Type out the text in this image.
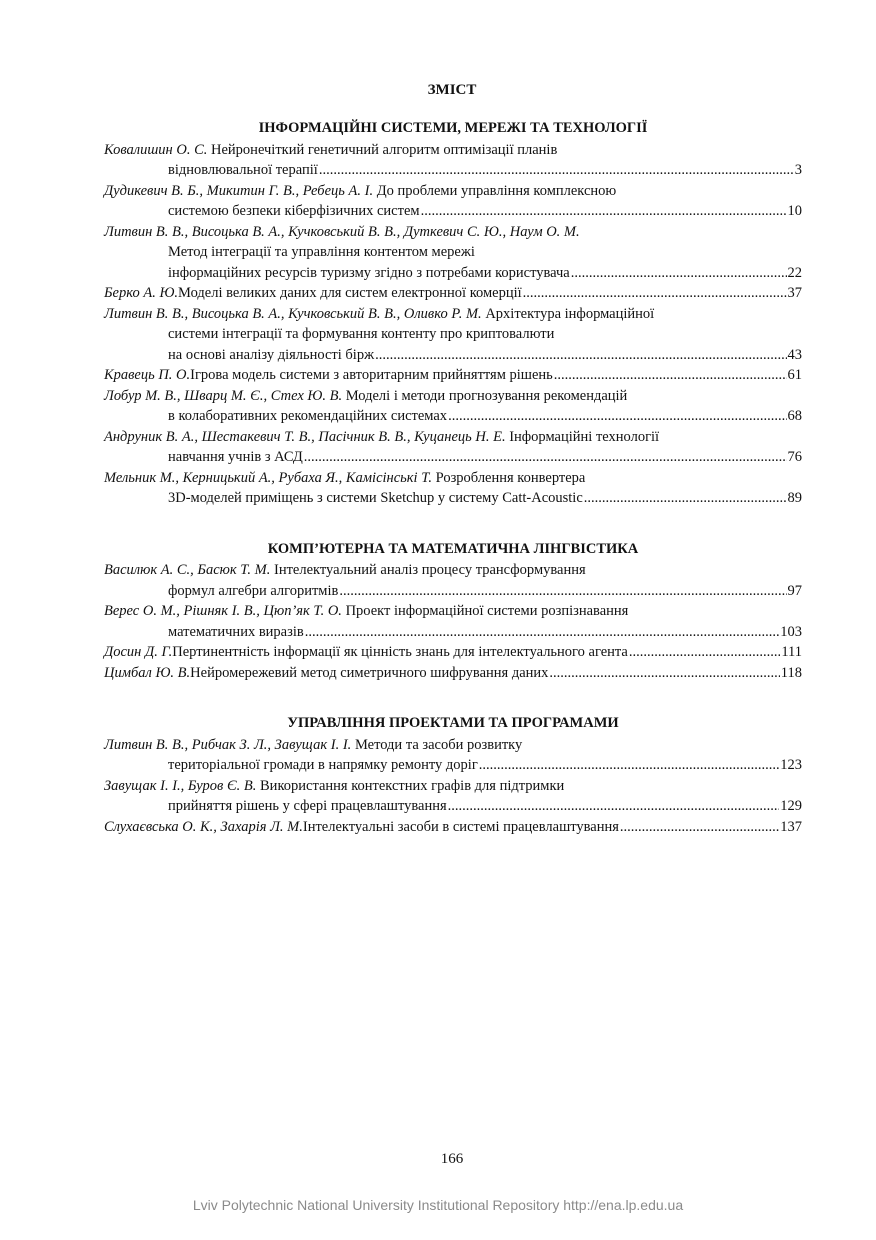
ЗМІСТ
ІНФОРМАЦІЙНІ СИСТЕМИ, МЕРЕЖІ ТА ТЕХНОЛОГІЇ
Ковалишин О. С. Нейронечіткий генетичний алгоритм оптимізації планів
відновлювальної терапії .....	3
Дудикевич В. Б., Микитин Г. В., Ребець А. І. До проблеми управління комплексною
системою безпеки кіберфізичних систем .....	10
Литвин В. В., Висоцька В. А., Кучковський В. В., Дуткевич С. Ю., Наум О. М.
Метод інтеграції та управління контентом мережі
інформаційних ресурсів туризму згідно з потребами користувача .....	22
Берко А. Ю. Моделі великих даних для систем електронної комерції .....	37
Литвин В. В., Висоцька В. А., Кучковський В. В., Оливко Р. М. Архітектура інформаційної
системи інтеграції та формування контенту про криптовалюти
на основі аналізу діяльності бірж .....	43
Кравець П. О. Ігрова модель системи з авторитарним прийняттям рішень .....	61
Лобур М. В., Шварц М. Є., Стех Ю. В. Моделі і методи прогнозування рекомендацій
в колаборативних рекомендаційних системах .....	68
Андруник В. А., Шестакевич Т. В., Пасічник В. В., Куцанець Н. Е. Інформаційні технології
навчання учнів з АСД .....	76
Мельник М., Керницький А., Рубаха Я., Камісінські Т. Розроблення конвертера
3D-моделей приміщень з системи Sketchup у систему Catt-Acoustic .....	89
КОМП’ЮТЕРНА ТА МАТЕМАТИЧНА ЛІНГВІСТИКА
Василюк А. С., Басюк Т. М. Інтелектуальний аналіз процесу трансформування
формул алгебри алгоритмів .....	97
Верес О. М., Рішняк І. В., Цюп’як Т. О. Проект інформаційної системи розпізнавання
математичних виразів .....	103
Досин Д. Г. Пертинентність інформації як цінність знань для інтелектуального агента .....	111
Цимбал Ю. В. Нейромережевий метод симетричного шифрування даних .....	118
УПРАВЛІННЯ ПРОЕКТАМИ ТА ПРОГРАМАМИ
Литвин В. В., Рибчак З. Л., Завущак І. І. Методи та засоби розвитку
територіальної громади в напрямку ремонту доріг .....	123
Завущак І. І., Буров Є. В. Використання контекстних графів для підтримки
прийняття рішень у сфері працевлаштування .....	129
Слухаєвська О. К., Захарія Л. М. Інтелектуальні засоби в системі працевлаштування .....	137
166
Lviv Polytechnic National University Institutional Repository http://ena.lp.edu.ua
